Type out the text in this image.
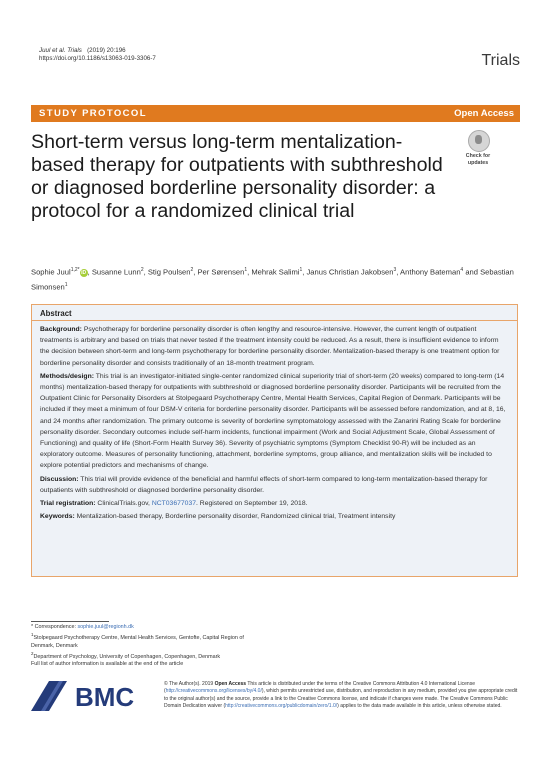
Juul et al. Trials (2019) 20:196
https://doi.org/10.1186/s13063-019-3306-7	Trials
STUDY PROTOCOL	Open Access
Short-term versus long-term mentalization-based therapy for outpatients with subthreshold or diagnosed borderline personality disorder: a protocol for a randomized clinical trial
Check for
updates
Sophie Juul$^{1,2*}$ iD , Susanne Lunn$^2$, Stig Poulsen$^2$, Per Sørensen$^1$, Mehrak Salimi$^1$, Janus Christian Jakobsen$^3$, Anthony Bateman$^4$ and Sebastian Simonsen$^1$
Abstract
Background: Psychotherapy for borderline personality disorder is often lengthy and resource-intensive. However, the current length of outpatient treatments is arbitrary and based on trials that never tested if the treatment intensity could be reduced. As a result, there is insufficient evidence to inform the decision between short-term and long-term psychotherapy for borderline personality disorder. Mentalization-based therapy is one treatment option for borderline personality disorder and consists traditionally of an 18-month treatment program.
Methods/design: This trial is an investigator-initiated single-center randomized clinical superiority trial of short-term (20 weeks) compared to long-term (14 months) mentalization-based therapy for outpatients with subthreshold or diagnosed borderline personality disorder. Participants will be recruited from the Outpatient Clinic for Personality Disorders at Stolpegaard Psychotherapy Centre, Mental Health Services, Capital Region of Denmark. Participants will be included if they meet a minimum of four DSM-V criteria for borderline personality disorder. Participants will be assessed before randomization, and at 8, 16, and 24 months after randomization. The primary outcome is severity of borderline symptomatology assessed with the Zanarini Rating Scale for borderline personality disorder. Secondary outcomes include self-harm incidents, functional impairment (Work and Social Adjustment Scale, Global Assessment of Functioning) and quality of life (Short-Form Health Survey 36). Severity of psychiatric symptoms (Symptom Checklist 90-R) will be included as an exploratory outcome. Measures of personality functioning, attachment, borderline symptoms, group alliance, and mentalization skills will be included to explore potential predictors and mechanisms of change.
Discussion: This trial will provide evidence of the beneficial and harmful effects of short-term compared to long-term mentalization-based therapy for outpatients with subthreshold or diagnosed borderline personality disorder.
Trial registration: ClinicalTrials.gov, NCT03677037. Registered on September 19, 2018.
Keywords: Mentalization-based therapy, Borderline personality disorder, Randomized clinical trial, Treatment intensity
* Correspondence: sophie.juul@regionh.dk
$^1$Stolpegaard Psychotherapy Centre, Mental Health Services, Gentofte, Capital Region of Denmark, Denmark
$^2$Department of Psychology, University of Copenhagen, Copenhagen, Denmark
Full list of author information is available at the end of the article
BMC	© The Author(s). 2019 Open Access This article is distributed under the terms of the Creative Commons Attribution 4.0 International License (http://creativecommons.org/licenses/by/4.0/), which permits unrestricted use, distribution, and reproduction in any medium, provided you give appropriate credit to the original author(s) and the source, provide a link to the Creative Commons license, and indicate if changes were made. The Creative Commons Public Domain Dedication waiver (http://creativecommons.org/publicdomain/zero/1.0/) applies to the data made available in this article, unless otherwise stated.
